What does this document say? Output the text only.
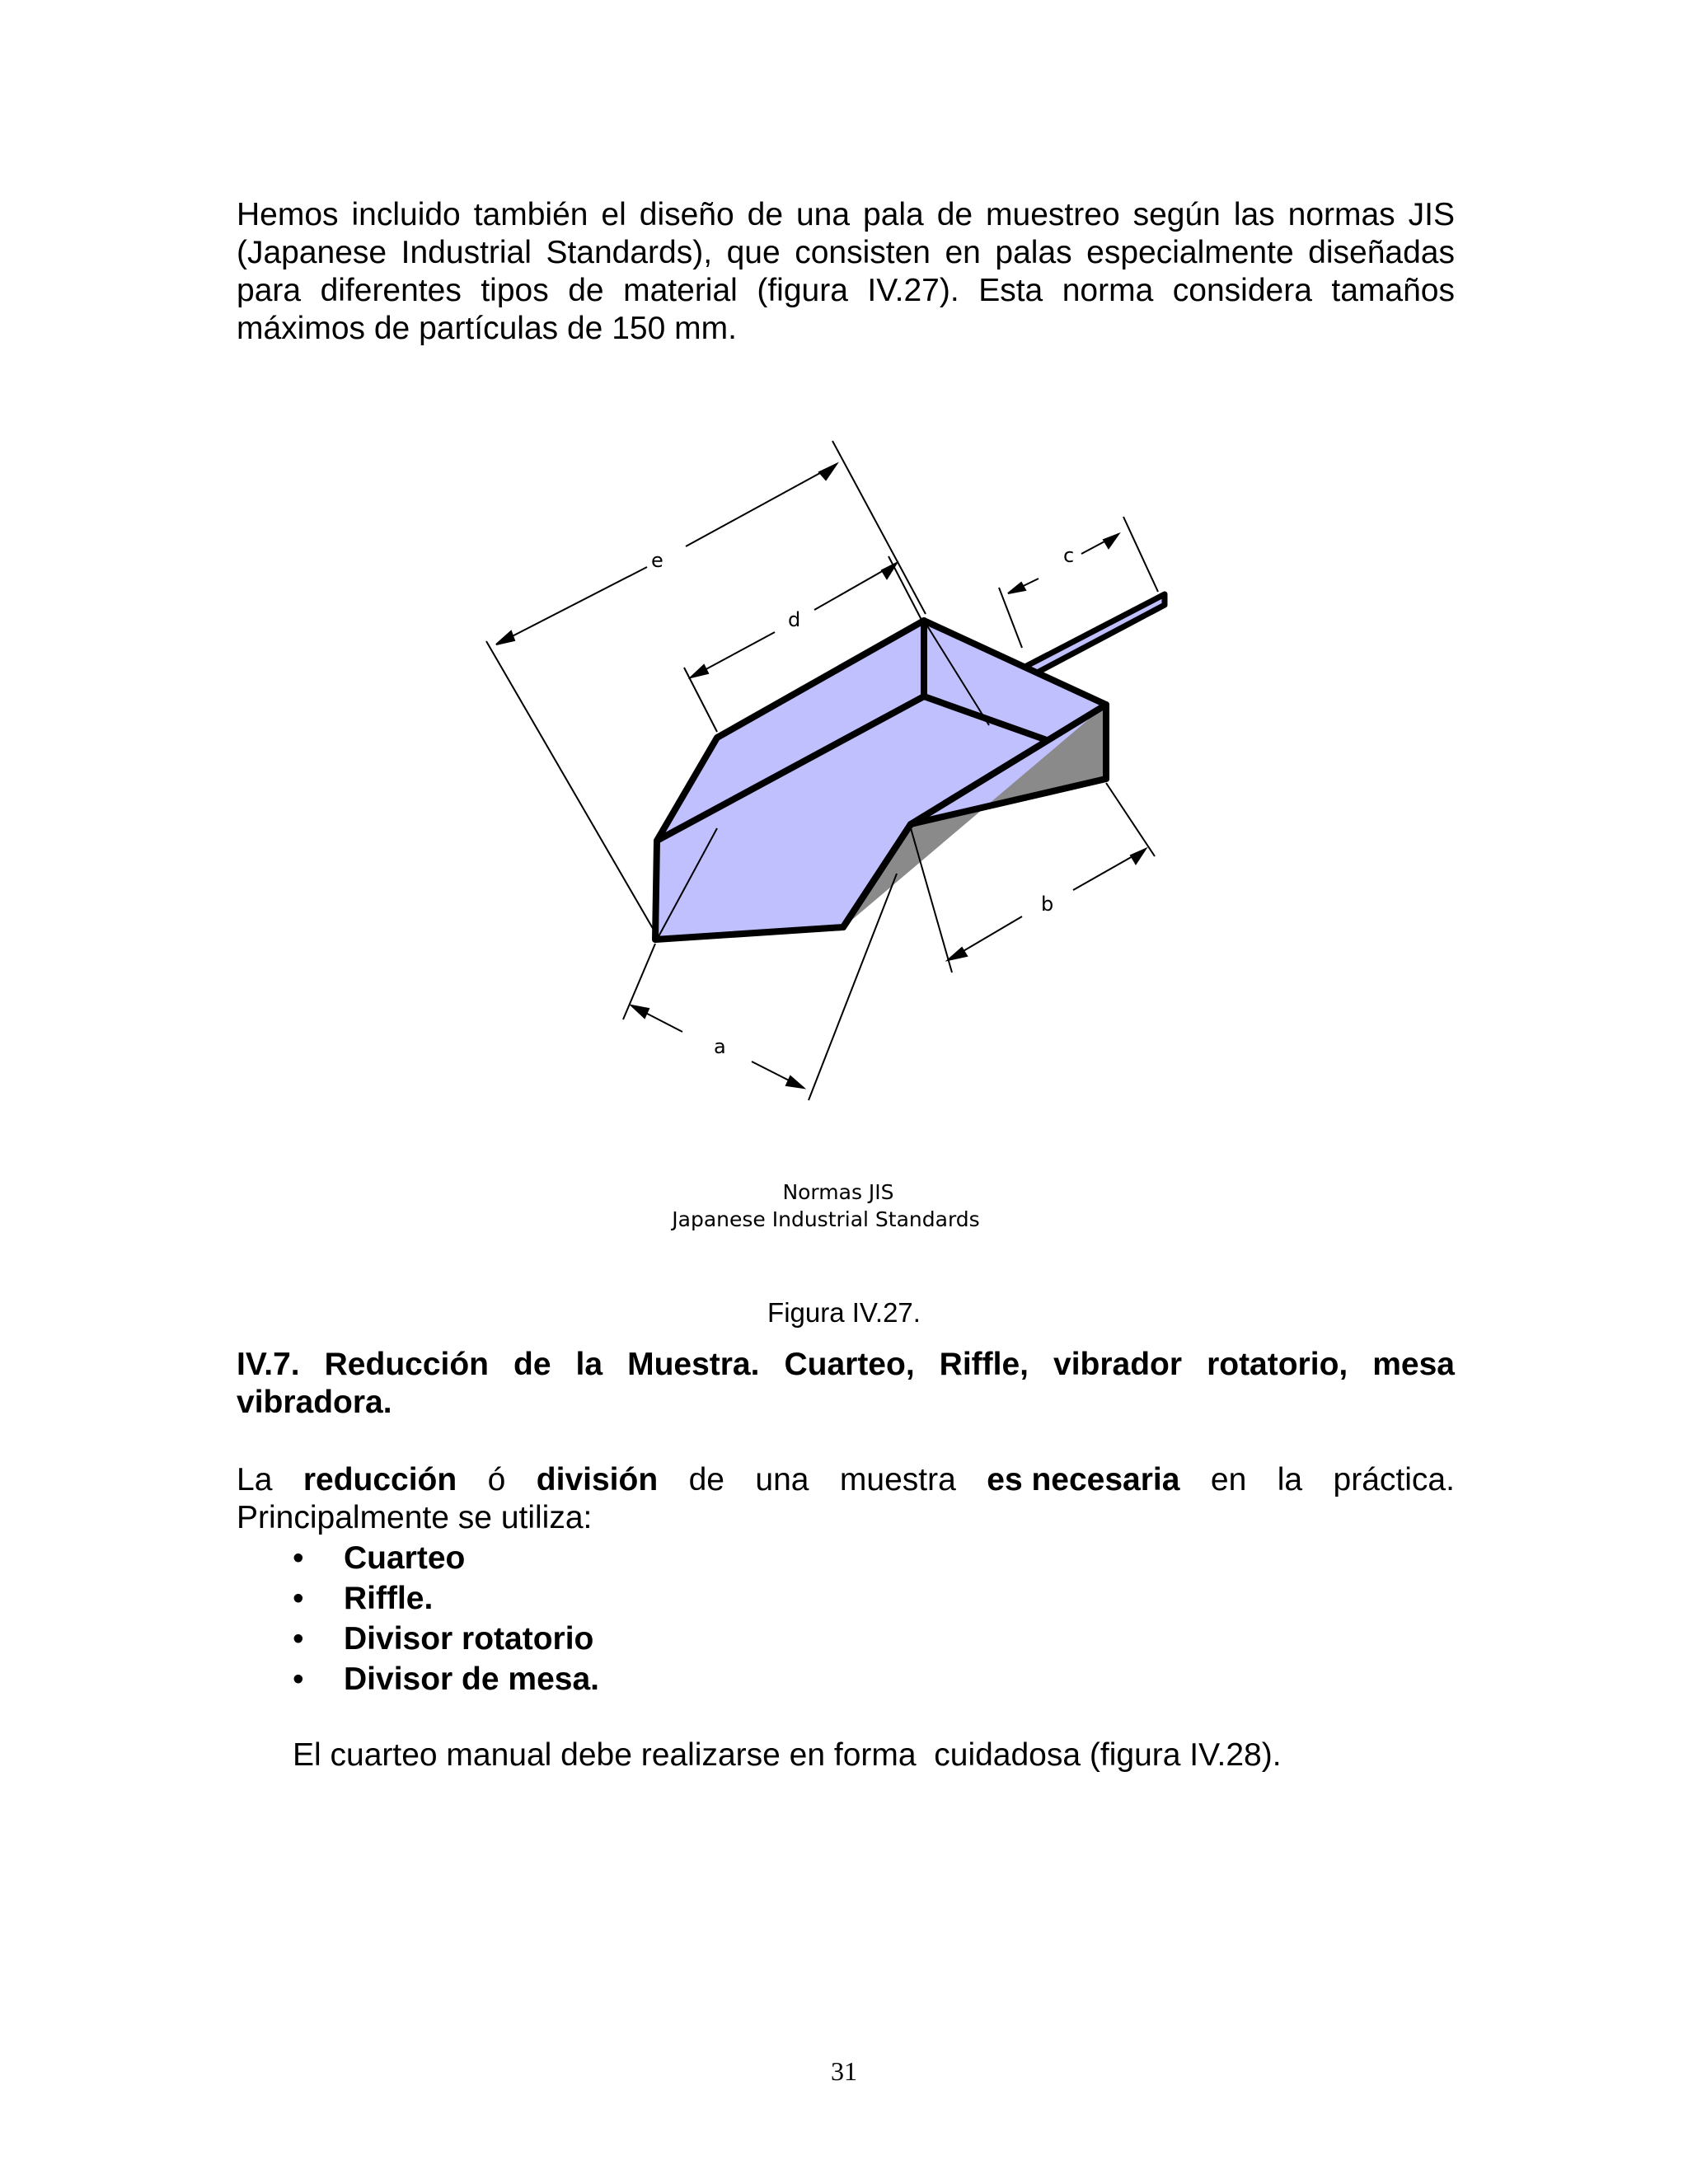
Hemos incluido también el diseño de una pala de muestreo según las normas JIS (Japanese Industrial Standards), que consisten en palas especialmente diseñadas para diferentes tipos de material (figura IV.27). Esta norma considera tamaños máximos de partículas de 150 mm.

e
d
c
b
a
Normas JIS
Japanese Industrial Standards
Figura IV.27.
IV.7. Reducción de la Muestra. Cuarteo, Riffle, vibrador rotatorio, mesa
vibradora.
La reducción ó división de una muestra es necesaria en la práctica.
Principalmente se utiliza:
• Cuarteo
• Riffle.
• Divisor rotatorio
• Divisor de mesa.
El cuarteo manual debe realizarse en forma  cuidadosa (figura IV.28).
31
